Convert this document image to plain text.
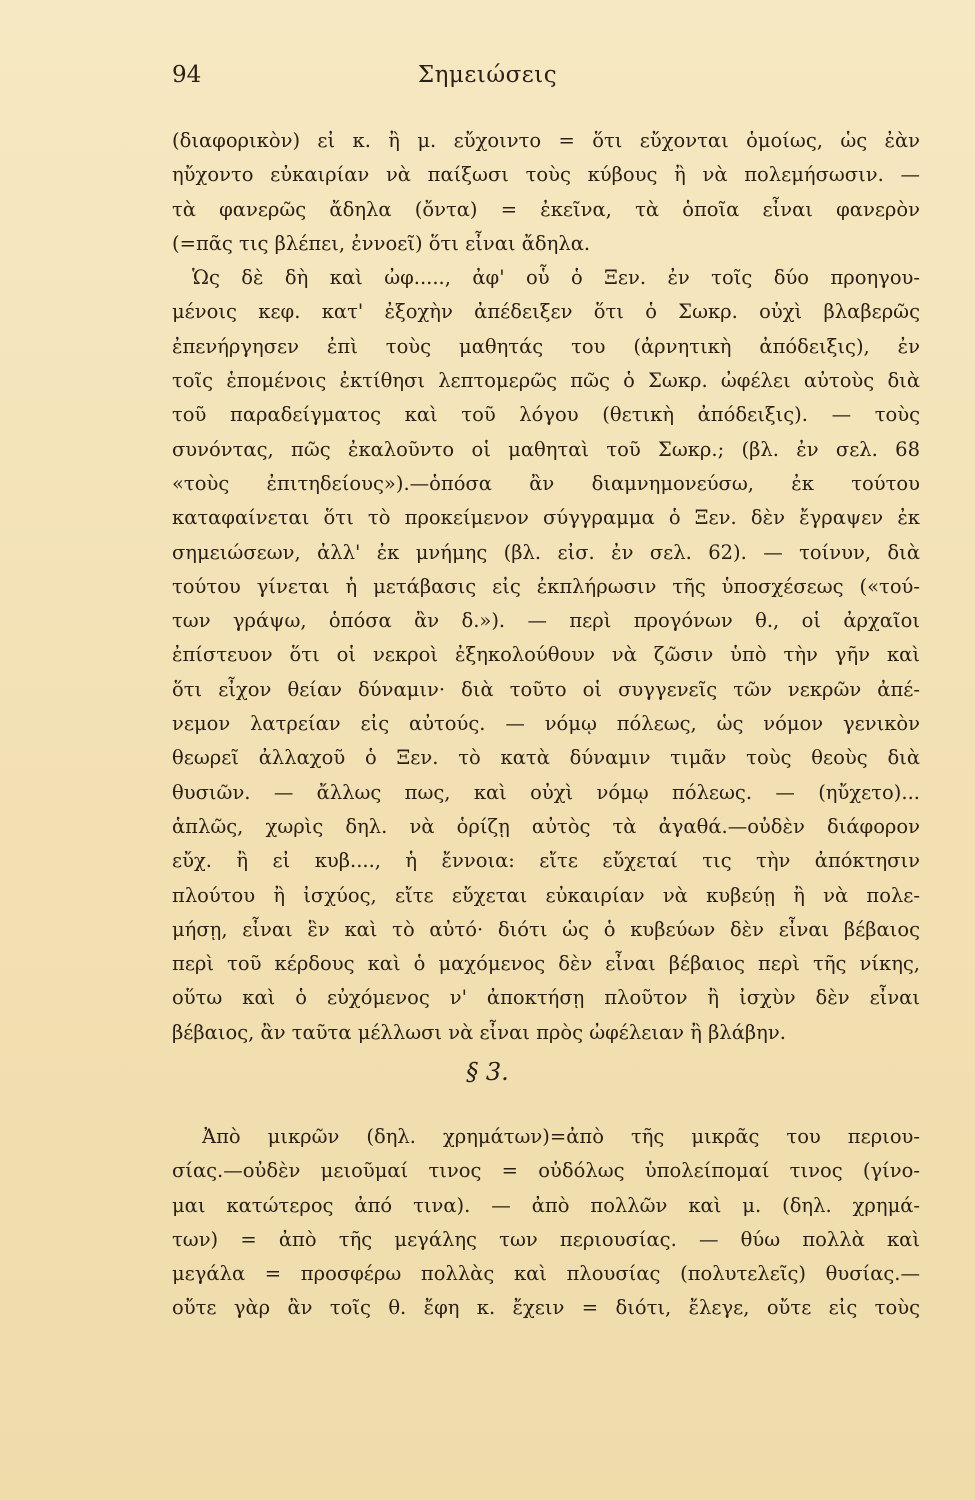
94	Σημειώσεις
(διαφορικὸν) εἰ κ. ἢ μ. εὔχοιντο = ὅτι εὔχονται ὁμοίως, ὡς ἐὰν
ηὔχοντο εὐκαιρίαν νὰ παίξωσι τοὺς κύβους ἢ νὰ πολεμήσωσιν. —
τὰ φανερῶς ἄδηλα (ὄντα) = ἐκεῖνα, τὰ ὁποῖα εἶναι φανερὸν
(=πᾶς τις βλέπει, ἐννοεῖ) ὅτι εἶναι ἄδηλα.
Ὡς δὲ δὴ καὶ ὠφ....., ἀφ' οὗ ὁ Ξεν. ἐν τοῖς δύο προηγου-
μένοις κεφ. κατ' ἐξοχὴν ἀπέδειξεν ὅτι ὁ Σωκρ. οὐχὶ βλαβερῶς
ἐπενήργησεν ἐπὶ τοὺς μαθητάς του (ἀρνητικὴ ἀπόδειξις), ἐν
τοῖς ἑπομένοις ἐκτίθησι λεπτομερῶς πῶς ὁ Σωκρ. ὠφέλει αὐτοὺς διὰ
τοῦ παραδείγματος καὶ τοῦ λόγου (θετικὴ ἀπόδειξις). — τοὺς
συνόντας, πῶς ἐκαλοῦντο οἱ μαθηταὶ τοῦ Σωκρ.; (βλ. ἐν σελ. 68
«τοὺς ἐπιτηδείους»).—ὁπόσα ἂν διαμνημονεύσω, ἐκ τούτου
καταφαίνεται ὅτι τὸ προκείμενον σύγγραμμα ὁ Ξεν. δὲν ἔγραψεν ἐκ
σημειώσεων, ἀλλ' ἐκ μνήμης (βλ. εἰσ. ἐν σελ. 62). — τοίνυν, διὰ
τούτου γίνεται ἡ μετάβασις εἰς ἐκπλήρωσιν τῆς ὑποσχέσεως («τού-
των γράψω, ὁπόσα ἂν δ.»). — περὶ προγόνων θ., οἱ ἀρχαῖοι
ἐπίστευον ὅτι οἱ νεκροὶ ἐξηκολούθουν νὰ ζῶσιν ὑπὸ τὴν γῆν καὶ
ὅτι εἶχον θείαν δύναμιν· διὰ τοῦτο οἱ συγγενεῖς τῶν νεκρῶν ἀπέ-
νεμον λατρείαν εἰς αὐτούς. — νόμῳ πόλεως, ὡς νόμον γενικὸν
θεωρεῖ ἀλλαχοῦ ὁ Ξεν. τὸ κατὰ δύναμιν τιμᾶν τοὺς θεοὺς διὰ
θυσιῶν. — ἄλλως πως, καὶ οὐχὶ νόμῳ πόλεως. — (ηὔχετο)...
ἁπλῶς, χωρὶς δηλ. νὰ ὁρίζῃ αὐτὸς τὰ ἀγαθά.—οὐδὲν διάφορον
εὔχ. ἢ εἰ κυβ...., ἡ ἔννοια: εἴτε εὔχεταί τις τὴν ἀπόκτησιν
πλούτου ἢ ἰσχύος, εἴτε εὔχεται εὐκαιρίαν νὰ κυβεύῃ ἢ νὰ πολε-
μήσῃ, εἶναι ἓν καὶ τὸ αὐτό· διότι ὡς ὁ κυβεύων δὲν εἶναι βέβαιος
περὶ τοῦ κέρδους καὶ ὁ μαχόμενος δὲν εἶναι βέβαιος περὶ τῆς νίκης,
οὕτω καὶ ὁ εὐχόμενος ν' ἀποκτήσῃ πλοῦτον ἢ ἰσχὺν δὲν εἶναι
βέβαιος, ἂν ταῦτα μέλλωσι νὰ εἶναι πρὸς ὠφέλειαν ἢ βλάβην.
§ 3.
Ἀπὸ μικρῶν (δηλ. χρημάτων)=ἀπὸ τῆς μικρᾶς του περιου-
σίας.—οὐδὲν μειοῦμαί τινος = οὐδόλως ὑπολείπομαί τινος (γίνο-
μαι κατώτερος ἀπό τινα). — ἀπὸ πολλῶν καὶ μ. (δηλ. χρημά-
των) = ἀπὸ τῆς μεγάλης των περιουσίας. — θύω πολλὰ καὶ
μεγάλα = προσφέρω πολλὰς καὶ πλουσίας (πολυτελεῖς) θυσίας.—
οὔτε γὰρ ἂν τοῖς θ. ἔφη κ. ἔχειν = διότι, ἔλεγε, οὔτε εἰς τοὺς
